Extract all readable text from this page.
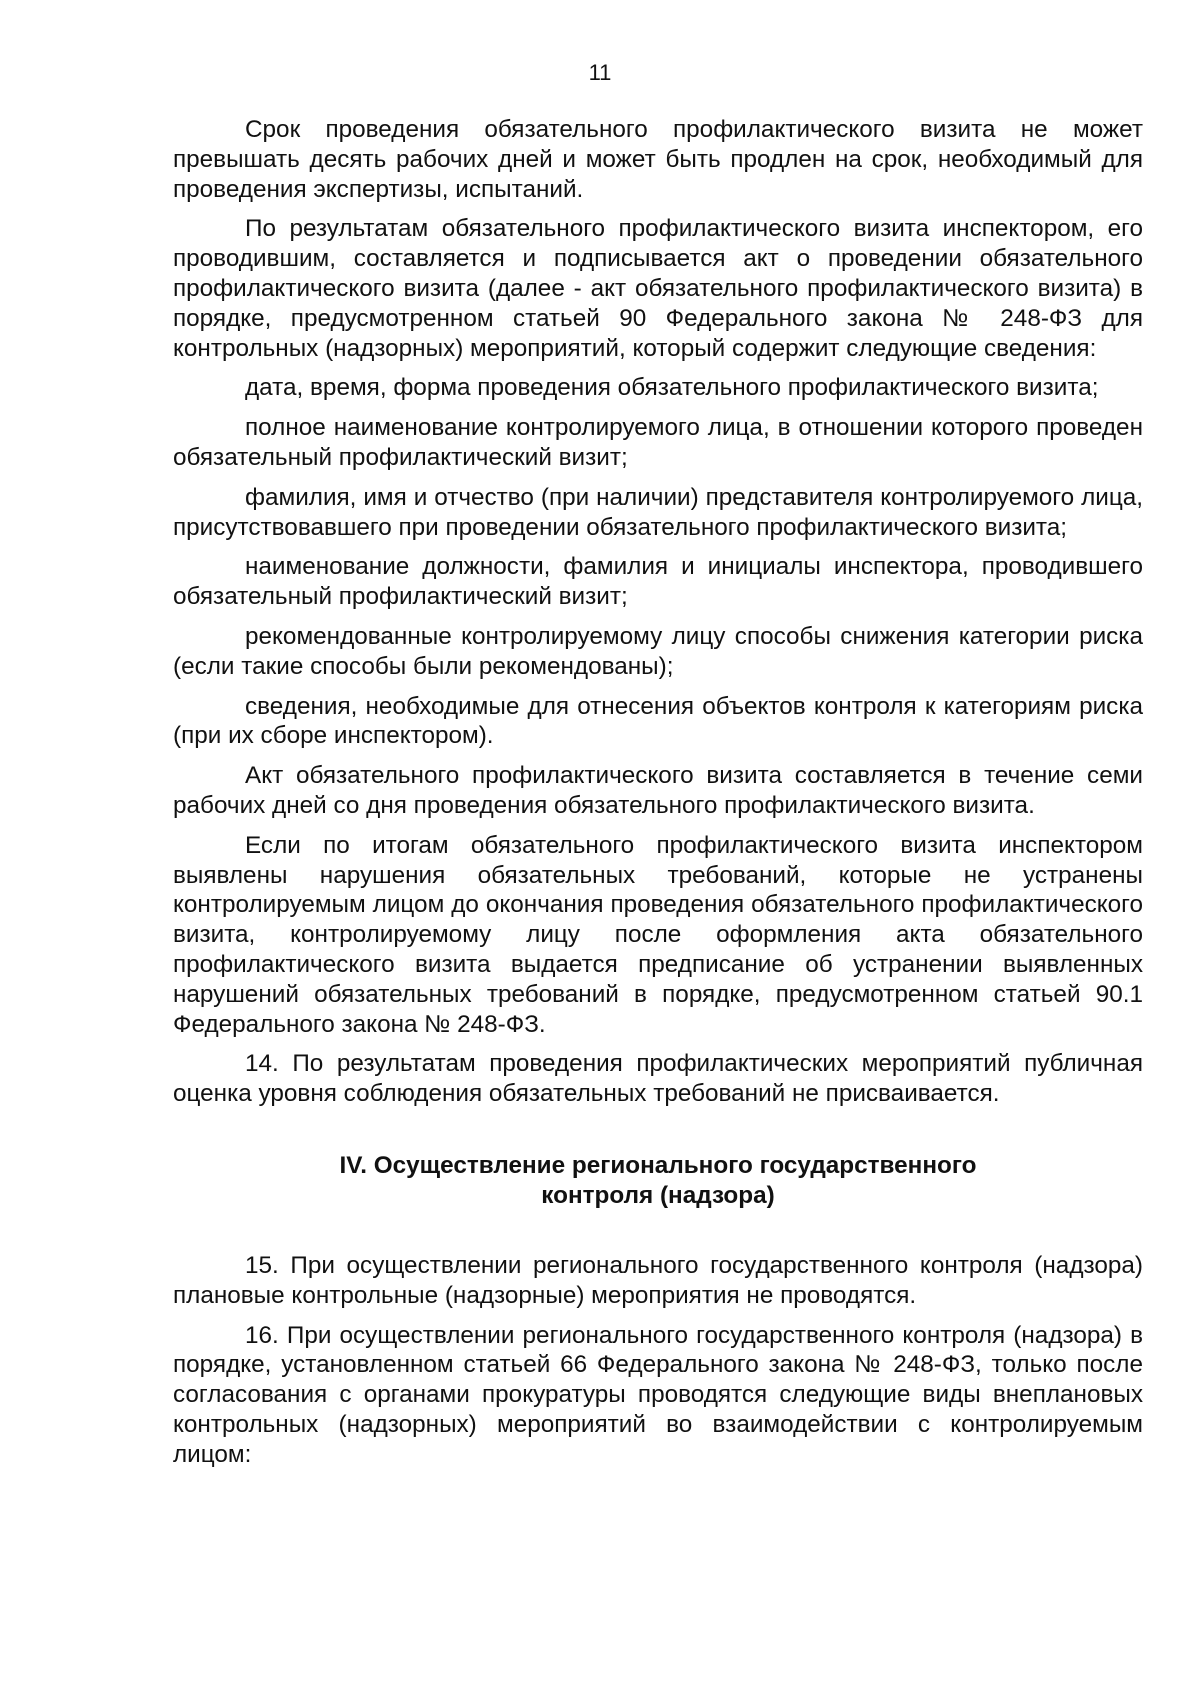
11

Срок проведения обязательного профилактического визита не может превышать десять рабочих дней и может быть продлен на срок, необходимый для проведения экспертизы, испытаний.

По результатам обязательного профилактического визита инспектором, его проводившим, составляется и подписывается акт о проведении обязательного профилактического визита (далее - акт обязательного профилактического визита) в порядке, предусмотренном статьей 90 Федерального закона № 248-ФЗ для контрольных (надзорных) мероприятий, который содержит следующие сведения:

дата, время, форма проведения обязательного профилактического визита;

полное наименование контролируемого лица, в отношении которого проведен обязательный профилактический визит;

фамилия, имя и отчество (при наличии) представителя контролируемого лица, присутствовавшего при проведении обязательного профилактического визита;

наименование должности, фамилия и инициалы инспектора, проводившего обязательный профилактический визит;

рекомендованные контролируемому лицу способы снижения категории риска (если такие способы были рекомендованы);

сведения, необходимые для отнесения объектов контроля к категориям риска (при их сборе инспектором).

Акт обязательного профилактического визита составляется в течение семи рабочих дней со дня проведения обязательного профилактического визита.

Если по итогам обязательного профилактического визита инспектором выявлены нарушения обязательных требований, которые не устранены контролируемым лицом до окончания проведения обязательного профилактического визита, контролируемому лицу после оформления акта обязательного профилактического визита выдается предписание об устранении выявленных нарушений обязательных требований в порядке, предусмотренном статьей 90.1 Федерального закона № 248-ФЗ.

14. По результатам проведения профилактических мероприятий публичная оценка уровня соблюдения обязательных требований не присваивается.

IV. Осуществление регионального государственного
контроля (надзора)

15. При осуществлении регионального государственного контроля (надзора) плановые контрольные (надзорные) мероприятия не проводятся.

16. При осуществлении регионального государственного контроля (надзора) в порядке, установленном статьей 66 Федерального закона № 248-ФЗ, только после согласования с органами прокуратуры проводятся следующие виды внеплановых контрольных (надзорных) мероприятий во взаимодействии с контролируемым лицом:
